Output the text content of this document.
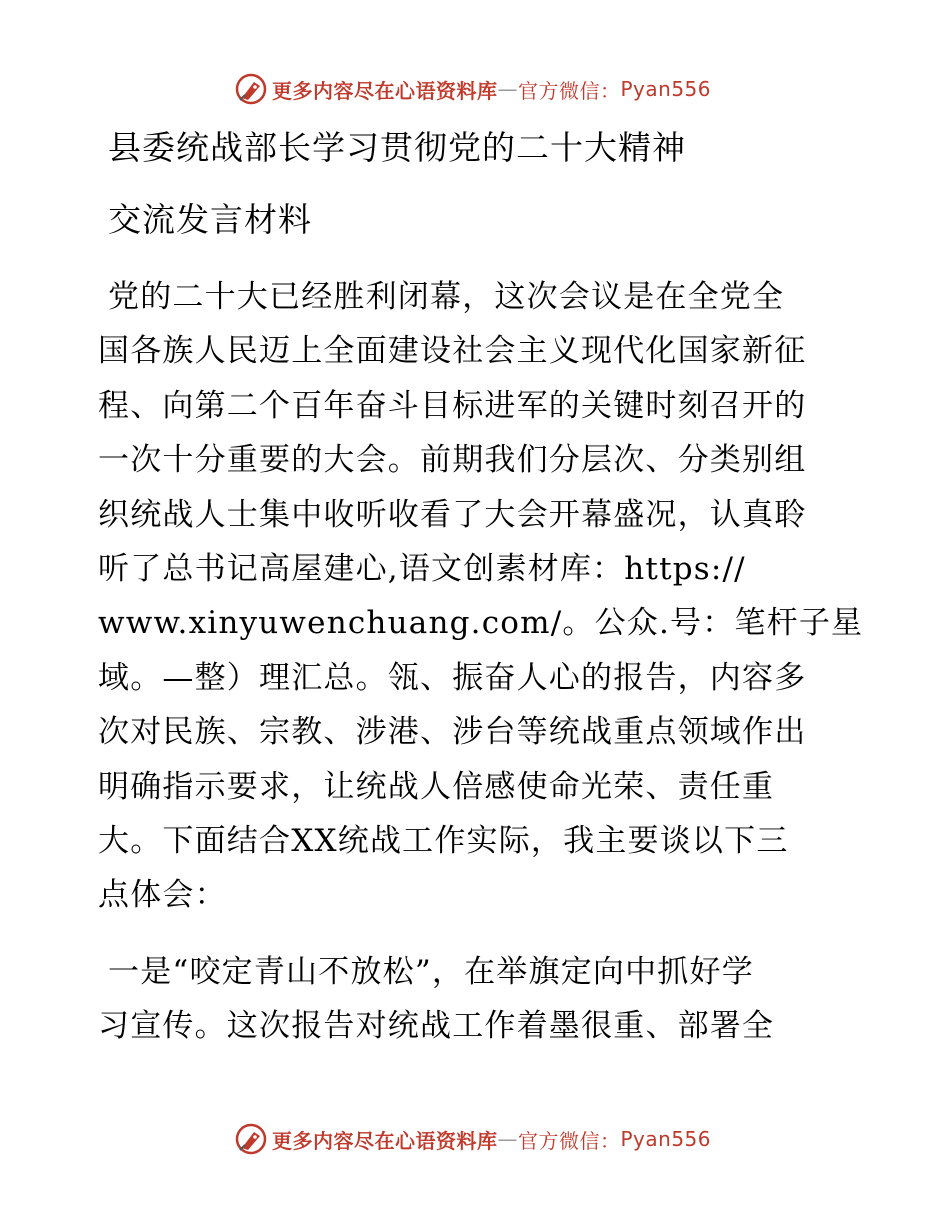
更多内容尽在心语资料库 — 官方微信： Pyan556
县委统战部长学习贯彻党的二十大精神
交流发言材料
党的二十大已经胜利闭幕，这次会议是在全党全
国各族人民迈上全面建设社会主义现代化国家新征
程、向第二个百年奋斗目标进军的关键时刻召开的
一次十分重要的大会。前期我们分层次、分类别组
织统战人士集中收听收看了大会开幕盛况，认真聆
听了总书记高屋建心,语文创素材库：https://
www.xinyuwenchuang.com/。公众.号：笔杆子星
域。—整）理汇总。瓴、振奋人心的报告，内容多
次对民族、宗教、涉港、涉台等统战重点领域作出
明确指示要求，让统战人倍感使命光荣、责任重
大。下面结合XX统战工作实际，我主要谈以下三
点体会：
一是“咬定青山不放松”，在举旗定向中抓好学
习宣传。这次报告对统战工作着墨很重、部署全
更多内容尽在心语资料库 — 官方微信： Pyan556
